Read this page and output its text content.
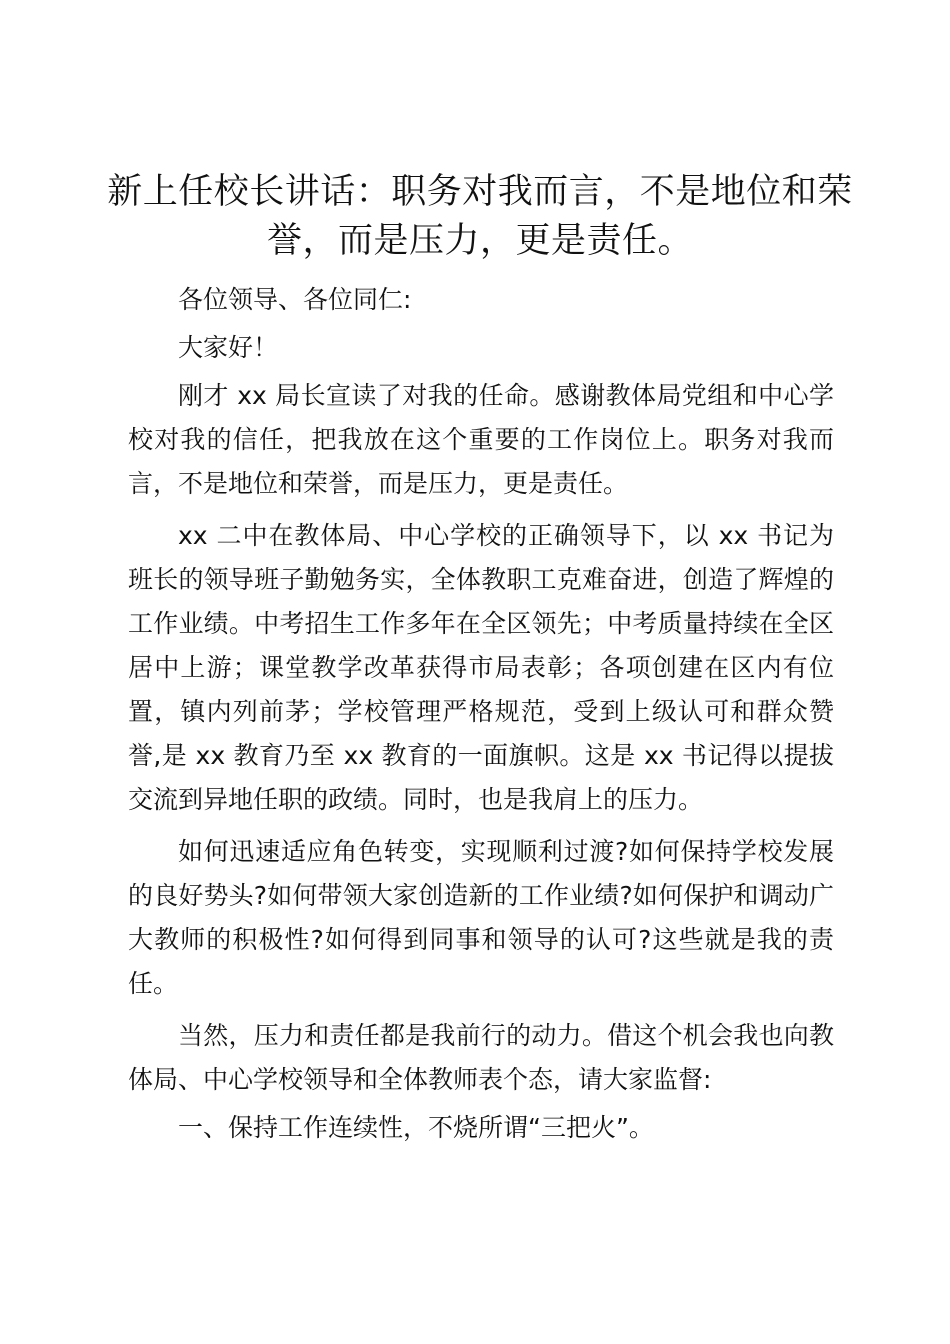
新上任校长讲话：职务对我而言，不是地位和荣誉，而是压力，更是责任。

各位领导、各位同仁:

大家好！

刚才 xx 局长宣读了对我的任命。感谢教体局党组和中心学校对我的信任，把我放在这个重要的工作岗位上。职务对我而言，不是地位和荣誉，而是压力，更是责任。

xx 二中在教体局、中心学校的正确领导下，以 xx 书记为班长的领导班子勤勉务实，全体教职工克难奋进，创造了辉煌的工作业绩。中考招生工作多年在全区领先；中考质量持续在全区居中上游；课堂教学改革获得市局表彰；各项创建在区内有位置，镇内列前茅；学校管理严格规范，受到上级认可和群众赞誉,是 xx 教育乃至 xx 教育的一面旗帜。这是 xx 书记得以提拔交流到异地任职的政绩。同时，也是我肩上的压力。

如何迅速适应角色转变，实现顺利过渡?如何保持学校发展的良好势头?如何带领大家创造新的工作业绩?如何保护和调动广大教师的积极性?如何得到同事和领导的认可?这些就是我的责任。

当然，压力和责任都是我前行的动力。借这个机会我也向教体局、中心学校领导和全体教师表个态，请大家监督:

一、保持工作连续性，不烧所谓“三把火”。
